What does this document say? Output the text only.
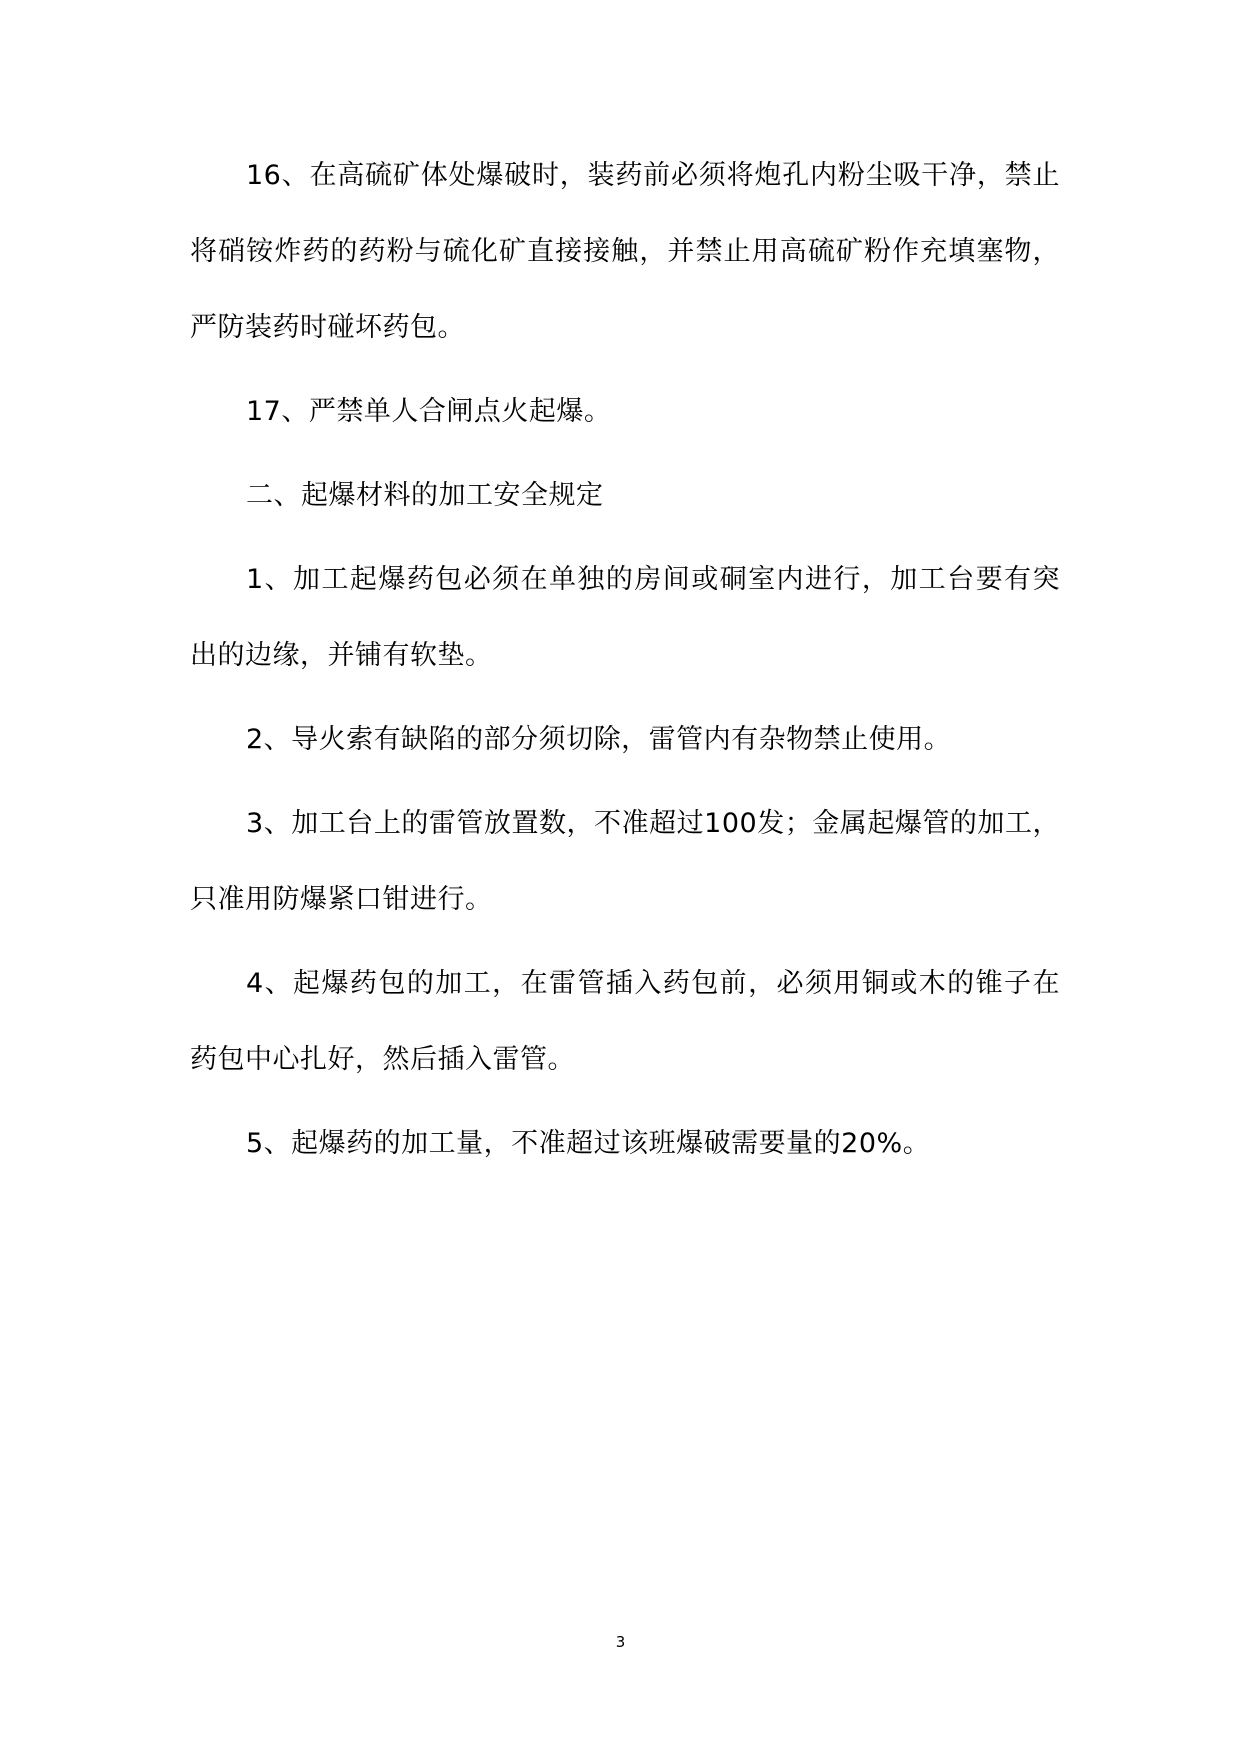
16、在高硫矿体处爆破时，装药前必须将炮孔内粉尘吸干净，禁止将硝铵炸药的药粉与硫化矿直接接触，并禁止用高硫矿粉作充填塞物，严防装药时碰坏药包。

17、严禁单人合闸点火起爆。

二、起爆材料的加工安全规定

1、加工起爆药包必须在单独的房间或硐室内进行，加工台要有突出的边缘，并铺有软垫。

2、导火索有缺陷的部分须切除，雷管内有杂物禁止使用。

3、加工台上的雷管放置数，不准超过100发；金属起爆管的加工，只准用防爆紧口钳进行。

4、起爆药包的加工，在雷管插入药包前，必须用铜或木的锥子在药包中心扎好，然后插入雷管。

5、起爆药的加工量，不准超过该班爆破需要量的20%。

3
